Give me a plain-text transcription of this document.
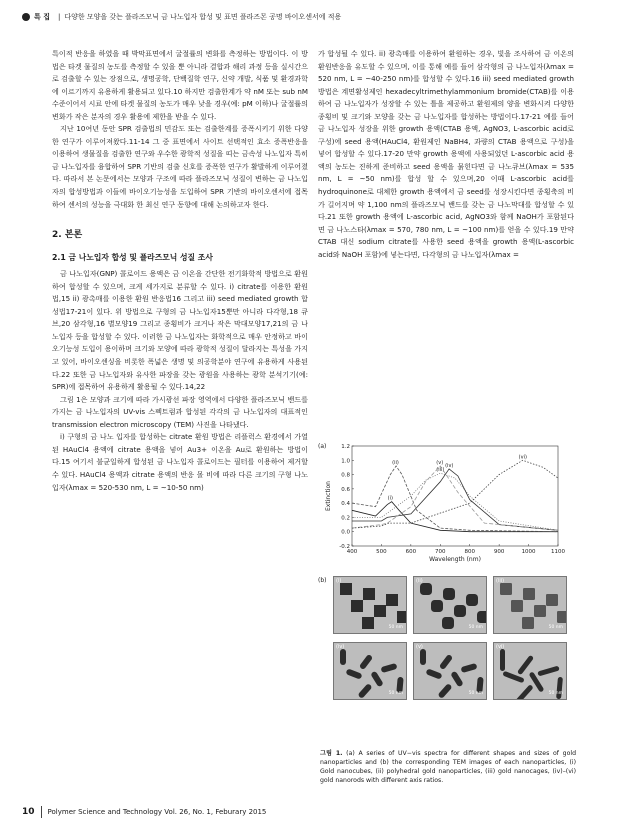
특 집 | 다양한 모양을 갖는 플라즈모닉 금 나노입자 합성 및 표면 플라즈몬 공명 바이오센서에 적용

특이적 반응을 하였을 때 박막표면에서 굴절률의 변화를 측정하는 방법이다. 이 방법은 타겟 물질의 농도를 측정할 수 있을 뿐 아니라 결합과 해리 과정 등을 실시간으로 검출할 수 있는 장점으로, 생명공학, 단백질학 연구, 신약 개발, 식품 및 환경과학에 이르기까지 유용하게 활용되고 있다.10 하지만 검출한계가 약 nM 또는 sub nM 수준이어서 시료 안에 타겟 물질의 농도가 매우 낮을 경우(예: pM 이하)나 굴절률의 변화가 작은 분자의 경우 활용에 제한을 받을 수 있다.

지난 10여년 동안 SPR 검출법의 민감도 또는 검출한계를 증폭시키기 위한 다양한 연구가 이루어져왔다.11-14 그 중 표면에서 사이트 선택적인 효소 증폭반응을 이용하여 생물질을 검출한 연구와 우수한 광학적 성질을 띠는 금속성 나노입자 특히 금 나노입자를 융합하여 SPR 기반의 검출 신호를 증폭한 연구가 활발하게 이루어졌다. 따라서 본 논문에서는 모양과 구조에 따라 플라즈모닉 성질이 변하는 금 나노입자의 합성방법과 이들에 바이오기능성을 도입하여 SPR 기반의 바이오센서에 접목하여 센서의 성능을 극대화 한 최신 연구 동향에 대해 논의하고자 한다.

2. 본론
2.1 금 나노입자 합성 및 플라즈모닉 성질 조사

금 나노입자(GNP) 콜로이드 용액은 금 이온을 간단한 전기화학적 방법으로 환원하여 합성할 수 있으며, 크게 세가지로 분류할 수 있다. i) citrate를 이용한 환원법,15 ii) 광촉매를 이용한 환원 반응법16 그리고 iii) seed mediated growth 합성법17-21이 있다. 위 방법으로 구형의 금 나노입자15뿐만 아니라 다각형,18 큐브,20 삼각형,16 별모양19 그리고 종횡비가 크거나 작은 막대모양17,21의 금 나노입자 등을 합성할 수 있다. 이러한 금 나노입자는 화학적으로 매우 안정하고 바이오기능성 도입이 용이하며 크기와 모양에 따라 광학적 성질이 달라지는 특성을 가지고 있어, 바이오센싱을 비롯한 폭넓은 생명 및 의공학분야 연구에 유용하게 사용된다.22 또한 금 나노입자와 유사한 파장을 갖는 광원을 사용하는 광학 분석기기(예: SPR)에 접목하여 유용하게 활용될 수 있다.14,22

그림 1은 모양과 크기에 따라 가시광선 파장 영역에서 다양한 플라즈모닉 밴드를 가지는 금 나노입자의 UV-vis 스펙트럼과 합성된 각각의 금 나노입자의 대표적인 transmission electron microscopy (TEM) 사진을 나타냈다.

i) 구형의 금 나노 입자를 합성하는 citrate 환원 방법은 리플럭스 환경에서 가열된 HAuCl4 용액에 citrate 용액을 넣어 Au3+ 이온을 Au로 환원하는 방법이다.15 여기서 불균일하게 합성된 금 나노입자 콜로이드는 필터를 이용하여 제거할 수 있다. HAuCl4 용액과 citrate 용액의 반응 몰 비에 따라 다른 크기의 구형 나노입자(λmax = 520-530 nm, L = ~10-50 nm)

가 합성될 수 있다. ii) 광촉매를 이용하여 환원하는 경우, 빛을 조사하여 금 이온의 환원반응을 유도할 수 있으며, 이를 통해 예를 들어 삼각형의 금 나노입자(λmax = 520 nm, L = ~40-250 nm)를 합성할 수 있다.16 iii) seed mediated growth 방법은 계면활성제인 hexadecyltrimethylammonium bromide(CTAB)를 이용하여 금 나노입자가 성장할 수 있는 틀을 제공하고 환원제의 양을 변화시켜 다양한 종횡비 및 크기와 모양을 갖는 금 나노입자를 합성하는 방법이다.17-21 예를 들어 금 나노입자 성장을 위한 growth 용액(CTAB 용액, AgNO3, L-ascorbic acid로 구성)에 seed 용액(HAuCl4, 환원제인 NaBH4, 과량의 CTAB 용액으로 구성)을 넣어 합성할 수 있다.17-20 만약 growth 용액에 사용되었던 L-ascorbic acid 용액의 농도는 진하게 준비하고 seed 용액을 묽힌다면 금 나노큐브(λmax = 535 nm, L = ~50 nm)를 합성 할 수 있으며,20 이때 L-ascorbic acid를 hydroquinone로 대체한 growth 용액에서 금 seed를 성장시킨다면 종횡축의 비가 길어지며 약 1,100 nm의 플라즈모닉 밴드를 갖는 금 나노막대를 합성할 수 있다.21 또한 growth 용액에 L-ascorbic acid, AgNO3와 함께 NaOH가 포함된다면 금 나노스타(λmax = 570, 780 nm, L = ~100 nm)를 얻을 수 있다.19 만약 CTAB 대신 sodium citrate를 사용한 seed 용액을 growth 용액(L-ascorbic acid와 NaOH 포함)에 넣는다면, 다각형의 금 나노입자(λmax =

(a)
400	500	600	700	800	900	1000	1100
-0.2
0.0
0.2
0.4
0.6
0.8
1.0
1.2
Wavelength (nm)
Extinction	(i)
(ii)
(iii)
(iv)
(v)
(vi)
(b)	(i)
50 nm
(ii)
50 nm
(iii)
50 nm
(iv)
50 nm
(v)
50 nm
(vi)
50 nm
그림 1. (a) A series of UV−vis spectra for different shapes and sizes of gold nanoparticles and (b) the corresponding TEM images of each nanoparticles, (i) Gold nanocubes, (ii) polyhedral gold nanoparticles, (iii) gold nanocages, (iv)–(vi) gold nanorods with different axis ratios.
10 Polymer Science and Technology Vol. 26, No. 1, Feburary 2015
